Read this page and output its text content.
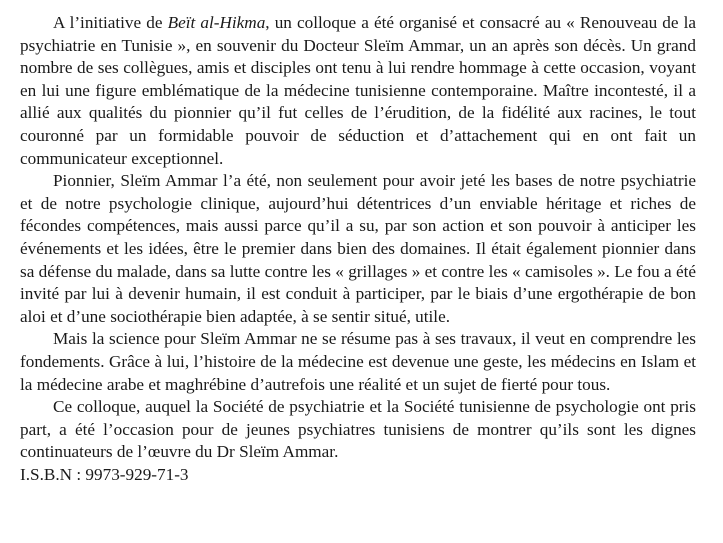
A l’initiative de Beït al-Hikma, un colloque a été organisé et consacré au « Renouveau de la psychiatrie en Tunisie », en souvenir du Docteur Sleïm Ammar, un an après son décès. Un grand nombre de ses collègues, amis et disciples ont tenu à lui rendre hommage à cette occasion, voyant en lui une figure emblématique de la médecine tunisienne contemporaine. Maître incontesté, il a allié aux qualités du pionnier qu’il fut celles de l’érudition, de la fidélité aux racines, le tout couronné par un formidable pouvoir de séduction et d’attachement qui en ont fait un communicateur exceptionnel.

Pionnier, Sleïm Ammar l’a été, non seulement pour avoir jeté les bases de notre psychiatrie et de notre psychologie clinique, aujourd’hui détentrices d’un enviable héritage et riches de fécondes compétences, mais aussi parce qu’il a su, par son action et son pouvoir à anticiper les événements et les idées, être le premier dans bien des domaines. Il était également pionnier dans sa défense du malade, dans sa lutte contre les « grillages » et contre les « camisoles ». Le fou a été invité par lui à devenir humain, il est conduit à participer, par le biais d’une ergothérapie de bon aloi et d’une sociothérapie bien adaptée, à se sentir situé, utile.

Mais la science pour Sleïm Ammar ne se résume pas à ses travaux, il veut en comprendre les fondements. Grâce à lui, l’histoire de la médecine est devenue une geste, les médecins en Islam et la médecine arabe et maghrébine d’autrefois une réalité et un sujet de fierté pour tous.

Ce colloque, auquel la Société de psychiatrie et la Société tunisienne de psychologie ont pris part, a été l’occasion pour de jeunes psychiatres tunisiens de montrer qu’ils sont les dignes continuateurs de l’œuvre du Dr Sleïm Ammar.

I.S.B.N : 9973-929-71-3
